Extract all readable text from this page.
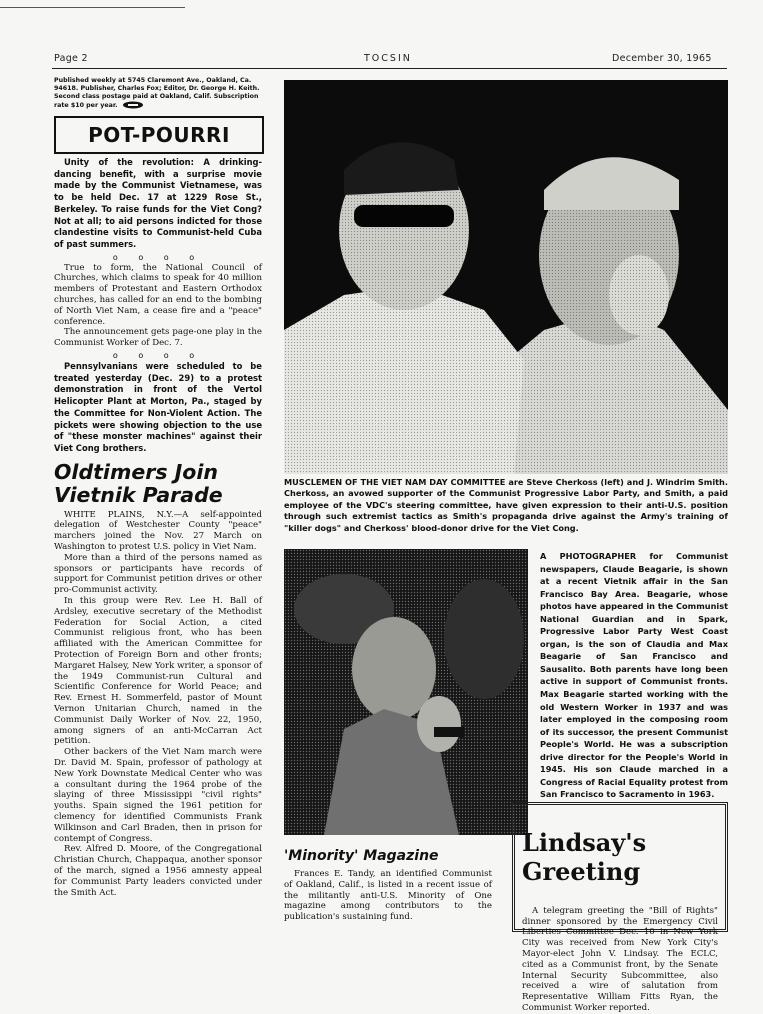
Page 2	TOCSIN	December 30, 1965
Published weekly at 5745 Claremont Ave., Oakland, Ca. 94618. Publisher, Charles Fox; Editor, Dr. George H. Keith. Second class postage paid at Oakland, Calif. Subscription rate $10 per year.
POT-POURRI

Unity of the revolution: A drinking-dancing benefit, with a surprise movie made by the Communist Vietnamese, was to be held Dec. 17 at 1229 Rose St., Berkeley. To raise funds for the Viet Cong? Not at all; to aid persons indicted for those clandestine visits to Communist-held Cuba of past summers.

o o o o

True to form, the National Council of Churches, which claims to speak for 40 million members of Protestant and Eastern Orthodox churches, has called for an end to the bombing of North Viet Nam, a cease fire and a "peace" conference.

The announcement gets page-one play in the Communist Worker of Dec. 7.

o o o o

Pennsylvanians were scheduled to be treated yesterday (Dec. 29) to a protest demonstration in front of the Vertol Helicopter Plant at Morton, Pa., staged by the Committee for Non-Violent Action. The pickets were showing objection to the use of "these monster machines" against their Viet Cong brothers.

Oldtimers Join
Vietnik Parade

WHITE PLAINS, N.Y.—A self-appointed delegation of Westchester County "peace" marchers joined the Nov. 27 March on Washington to protest U.S. policy in Viet Nam.

More than a third of the persons named as sponsors or participants have records of support for Communist petition drives or other pro-Communist activity.

In this group were Rev. Lee H. Ball of Ardsley, executive secretary of the Methodist Federation for Social Action, a cited Communist religious front, who has been affiliated with the American Committee for Protection of Foreign Born and other fronts; Margaret Halsey, New York writer, a sponsor of the 1949 Communist-run Cultural and Scientific Conference for World Peace; and Rev. Ernest H. Sommerfeld, pastor of Mount Vernon Unitarian Church, named in the Communist Daily Worker of Nov. 22, 1950, among signers of an anti-McCarran Act petition.

Other backers of the Viet Nam march were Dr. David M. Spain, professor of pathology at New York Downstate Medical Center who was a consultant during the 1964 probe of the slaying of three Mississippi "civil rights" youths. Spain signed the 1961 petition for clemency for identified Communists Frank Wilkinson and Carl Braden, then in prison for contempt of Congress.

Rev. Alfred D. Moore, of the Congregational Christian Church, Chappaqua, another sponsor of the march, signed a 1956 amnesty appeal for Communist Party leaders convicted under the Smith Act.

MUSCLEMEN OF THE VIET NAM DAY COMMITTEE are Steve Cherkoss (left) and J. Windrim Smith. Cherkoss, an avowed supporter of the Communist Progressive Labor Party, and Smith, a paid employee of the VDC's steering committee, have given expression to their anti-U.S. position through such extremist tactics as Smith's propaganda drive against the Army's training of "killer dogs" and Cherkoss' blood-donor drive for the Viet Cong.
A PHOTOGRAPHER for Communist newspapers, Claude Beagarie, is shown at a recent Vietnik affair in the San Francisco Bay Area. Beagarie, whose photos have appeared in the Communist National Guardian and in Spark, Progressive Labor Party West Coast organ, is the son of Claudia and Max Beagarie of San Francisco and Sausalito. Both parents have long been active in support of Communist fronts. Max Beagarie started working with the old Western Worker in 1937 and was later employed in the composing room of its successor, the present Communist People's World. He was a subscription drive director for the People's World in 1945. His son Claude marched in a Congress of Racial Equality protest from San Francisco to Sacramento in 1963.
'Minority' Magazine

Frances E. Tandy, an identified Communist of Oakland, Calif., is listed in a recent issue of the militantly anti-U.S. Minority of One magazine among contributors to the publication's sustaining fund.

Lindsay's Greeting

A telegram greeting the "Bill of Rights" dinner sponsored by the Emergency Civil Liberties Committee Dec. 10 in New York City was received from New York City's Mayor-elect John V. Lindsay. The ECLC, cited as a Communist front, by the Senate Internal Security Subcommittee, also received a wire of salutation from Representative William Fitts Ryan, the Communist Worker reported.
